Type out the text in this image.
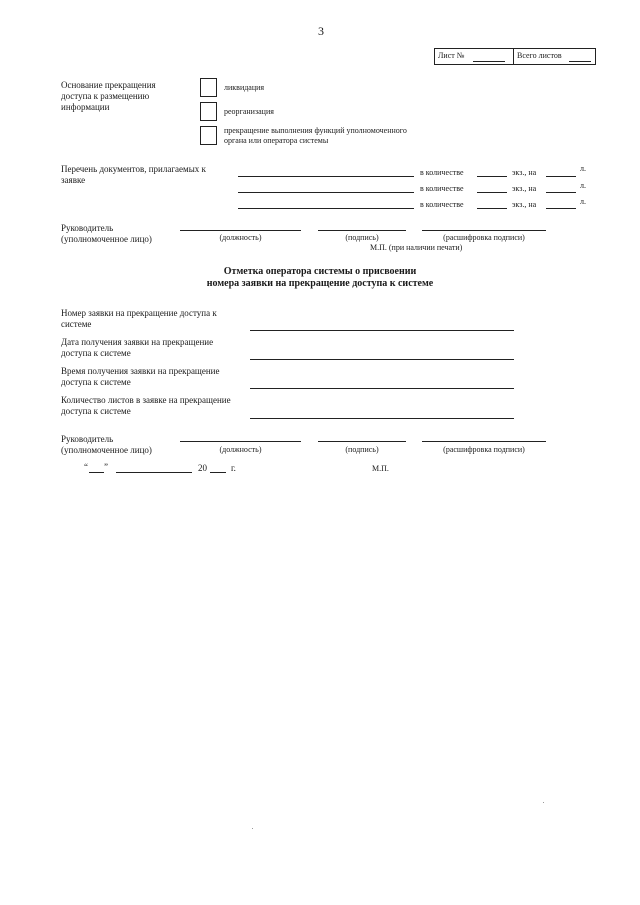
3
Лист №	Всего листов
Основание прекращения доступа к размещению информации
ликвидация
реорганизация
прекращение выполнения функций уполномоченного органа или оператора системы
Перечень документов, прилагаемых к заявке
в количестве	экз., на	л.
в количестве	экз., на	л.
в количестве	экз., на	л.
Руководитель (уполномоченное лицо)	(должность)	(подпись)	(расшифровка подписи)
М.П. (при наличии печати)
Отметка оператора системы о присвоении
номера заявки на прекращение доступа к системе
Номер заявки на прекращение доступа к системе
Дата получения заявки на прекращение доступа к системе
Время получения заявки на прекращение доступа к системе
Количество листов в заявке на прекращение доступа к системе
Руководитель (уполномоченное лицо)	(должность)	(подпись)	(расшифровка подписи)
“ ”	20	г.	М.П.
